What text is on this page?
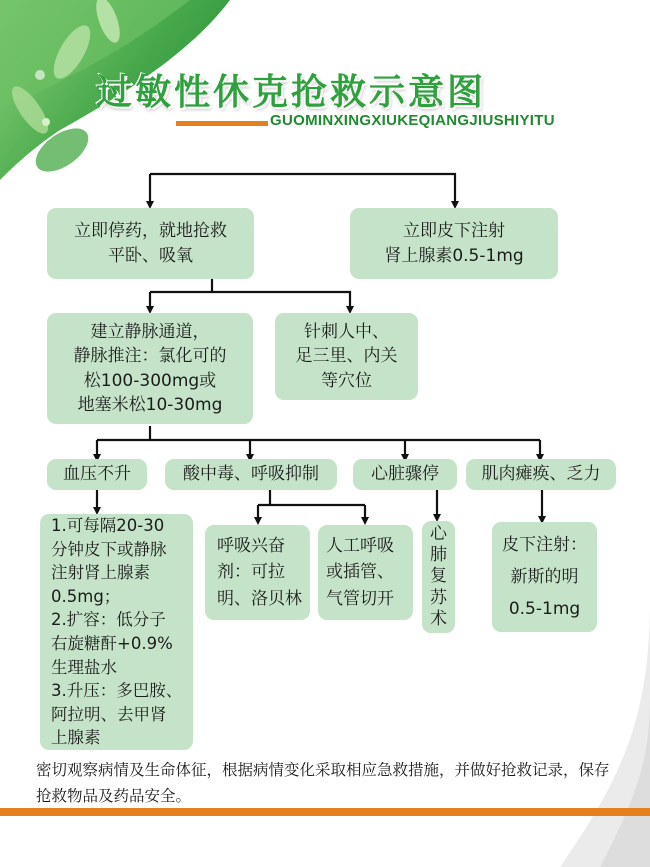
过敏性休克抢救示意图
GUOMINXINGXIUKEQIANGJIUSHIYITU
立即停药，就地抢救
平卧、吸氧
立即皮下注射
肾上腺素0.5-1mg
建立静脉通道，
静脉推注：氯化可的
松100-300mg或
地塞米松10-30mg
针刺人中、
足三里、内关
等穴位
血压不升	酸中毒、呼吸抑制	心脏骤停	肌肉瘫痪、乏力
1.可每隔20-30
分钟皮下或静脉
注射肾上腺素
0.5mg；
2.扩容：低分子
右旋糖酐+0.9%
生理盐水
3.升压：多巴胺、
阿拉明、去甲肾
上腺素
呼吸兴奋
剂：可拉
明、洛贝林
人工呼吸
或插管、
气管切开
心
肺
复
苏
术
皮下注射：
新斯的明
0.5-1mg
密切观察病情及生命体征，根据病情变化采取相应急救措施，并做好抢救记录，保存抢救物品及药品安全。
